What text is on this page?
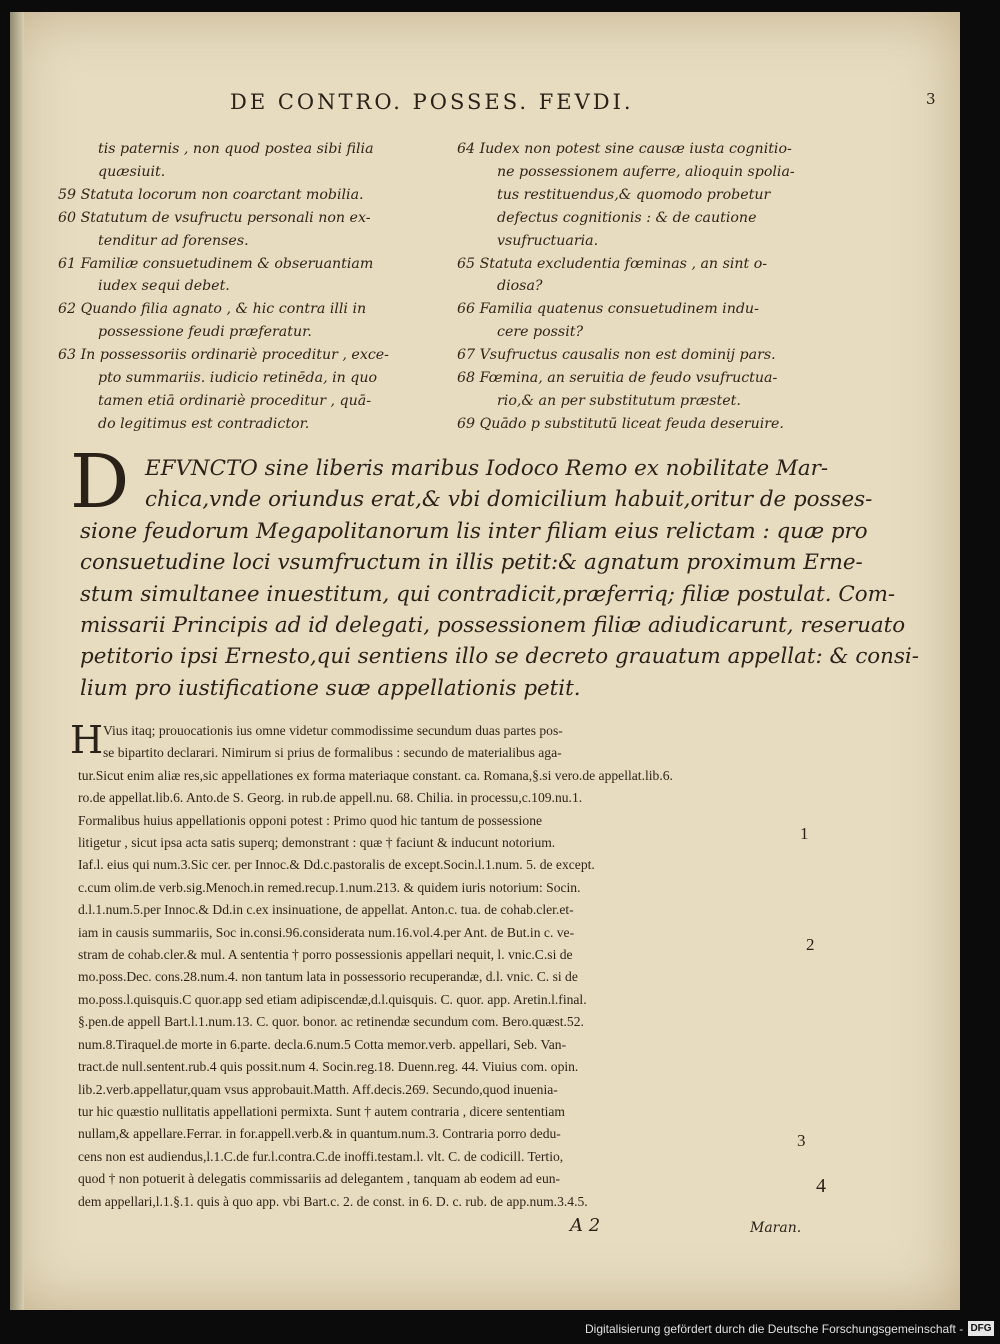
DE CONTRO. POSSES. FEVDI.	3
tis paternis , non quod postea sibi filia
quæsiuit.
59 Statuta locorum non coarctant mobilia.
60 Statutum de vsufructu personali non ex-
tenditur ad forenses.
61 Familiæ consuetudinem & obseruantiam
iudex sequi debet.
62 Quando filia agnato , & hic contra illi in
possessione feudi præferatur.
63 In possessoriis ordinariè proceditur , exce-
pto summariis. iudicio retinēda, in quo
tamen etiā ordinariè proceditur , quā-
do legitimus est contradictor.
64 Iudex non potest sine causæ iusta cognitio-
ne possessionem auferre, alioquin spolia-
tus restituendus,& quomodo probetur
defectus cognitionis : & de cautione
vsufructuaria.
65 Statuta excludentia fœminas , an sint o-
diosa?
66 Familia quatenus consuetudinem indu-
cere possit?
67 Vsufructus causalis non est dominij pars.
68 Fœmina, an seruitia de feudo vsufructua-
rio,& an per substitutum præstet.
69 Quādo p substitutū liceat feuda deseruire.
D EFVNCTO sine liberis maribus Iodoco Remo ex nobilitate Mar-
chica,vnde oriundus erat,& vbi domicilium habuit,oritur de posses-
sione feudorum Megapolitanorum lis inter filiam eius relictam : quæ pro
consuetudine loci vsumfructum in illis petit:& agnatum proximum Erne-
stum simultanee inuestitum, qui contradicit,præferriq; filiæ postulat. Com-
missarii Principis ad id delegati, possessionem filiæ adiudicarunt, reseruato
petitorio ipsi Ernesto,qui sentiens illo se decreto grauatum appellat: & consi-
lium pro iustificatione suæ appellationis petit.
H Vius itaq; prouocationis ius omne videtur commodissime secundum duas partes pos-
se bipartito declarari. Nimirum si prius de formalibus : secundo de materialibus aga-
tur.Sicut enim aliæ res,sic appellationes ex forma materiaque constant. ca. Romana,§.si vero.de appellat.lib.6.
ro.de appellat.lib.6. Anto.de S. Georg. in rub.de appell.nu. 68. Chilia. in processu,c.109.nu.1.
Formalibus huius appellationis opponi potest : Primo quod hic tantum de possessione
litigetur , sicut ipsa acta satis superq; demonstrant : quæ † faciunt & inducunt notorium.
Iaf.l. eius qui num.3.Sic cer. per Innoc.& Dd.c.pastoralis de except.Socin.l.1.num. 5. de except.
c.cum olim.de verb.sig.Menoch.in remed.recup.1.num.213. & quidem iuris notorium: Socin.
d.l.1.num.5.per Innoc.& Dd.in c.ex insinuatione, de appellat. Anton.c. tua. de cohab.cler.et-
iam in causis summariis, Soc in.consi.96.considerata num.16.vol.4.per Ant. de But.in c. ve-
stram de cohab.cler.& mul. A sententia † porro possessionis appellari nequit, l. vnic.C.si de
mo.poss.Dec. cons.28.num.4. non tantum lata in possessorio recuperandæ, d.l. vnic. C. si de
mo.poss.l.quisquis.C quor.app sed etiam adipiscendæ,d.l.quisquis. C. quor. app. Aretin.l.final.
§.pen.de appell Bart.l.1.num.13. C. quor. bonor. ac retinendæ secundum com. Bero.quæst.52.
num.8.Tiraquel.de morte in 6.parte. decla.6.num.5 Cotta memor.verb. appellari, Seb. Van-
tract.de null.sentent.rub.4 quis possit.num 4. Socin.reg.18. Duenn.reg. 44. Viuius com. opin.
lib.2.verb.appellatur,quam vsus approbauit.Matth. Aff.decis.269. Secundo,quod inuenia-
tur hic quæstio nullitatis appellationi permixta. Sunt † autem contraria , dicere sententiam
nullam,& appellare.Ferrar. in for.appell.verb.& in quantum.num.3. Contraria porro dedu-
cens non est audiendus,l.1.C.de fur.l.contra.C.de inoffi.testam.l. vlt. C. de codicill. Tertio,
quod † non potuerit à delegatis commissariis ad delegantem , tanquam ab eodem ad eun-
dem appellari,l.1.§.1. quis à quo app. vbi Bart.c. 2. de const. in 6. D. c. rub. de app.num.3.4.5.
1
2
3
4
A 2	Maran.
Digitalisierung gefördert durch die Deutsche Forschungsgemeinschaft - DFG
